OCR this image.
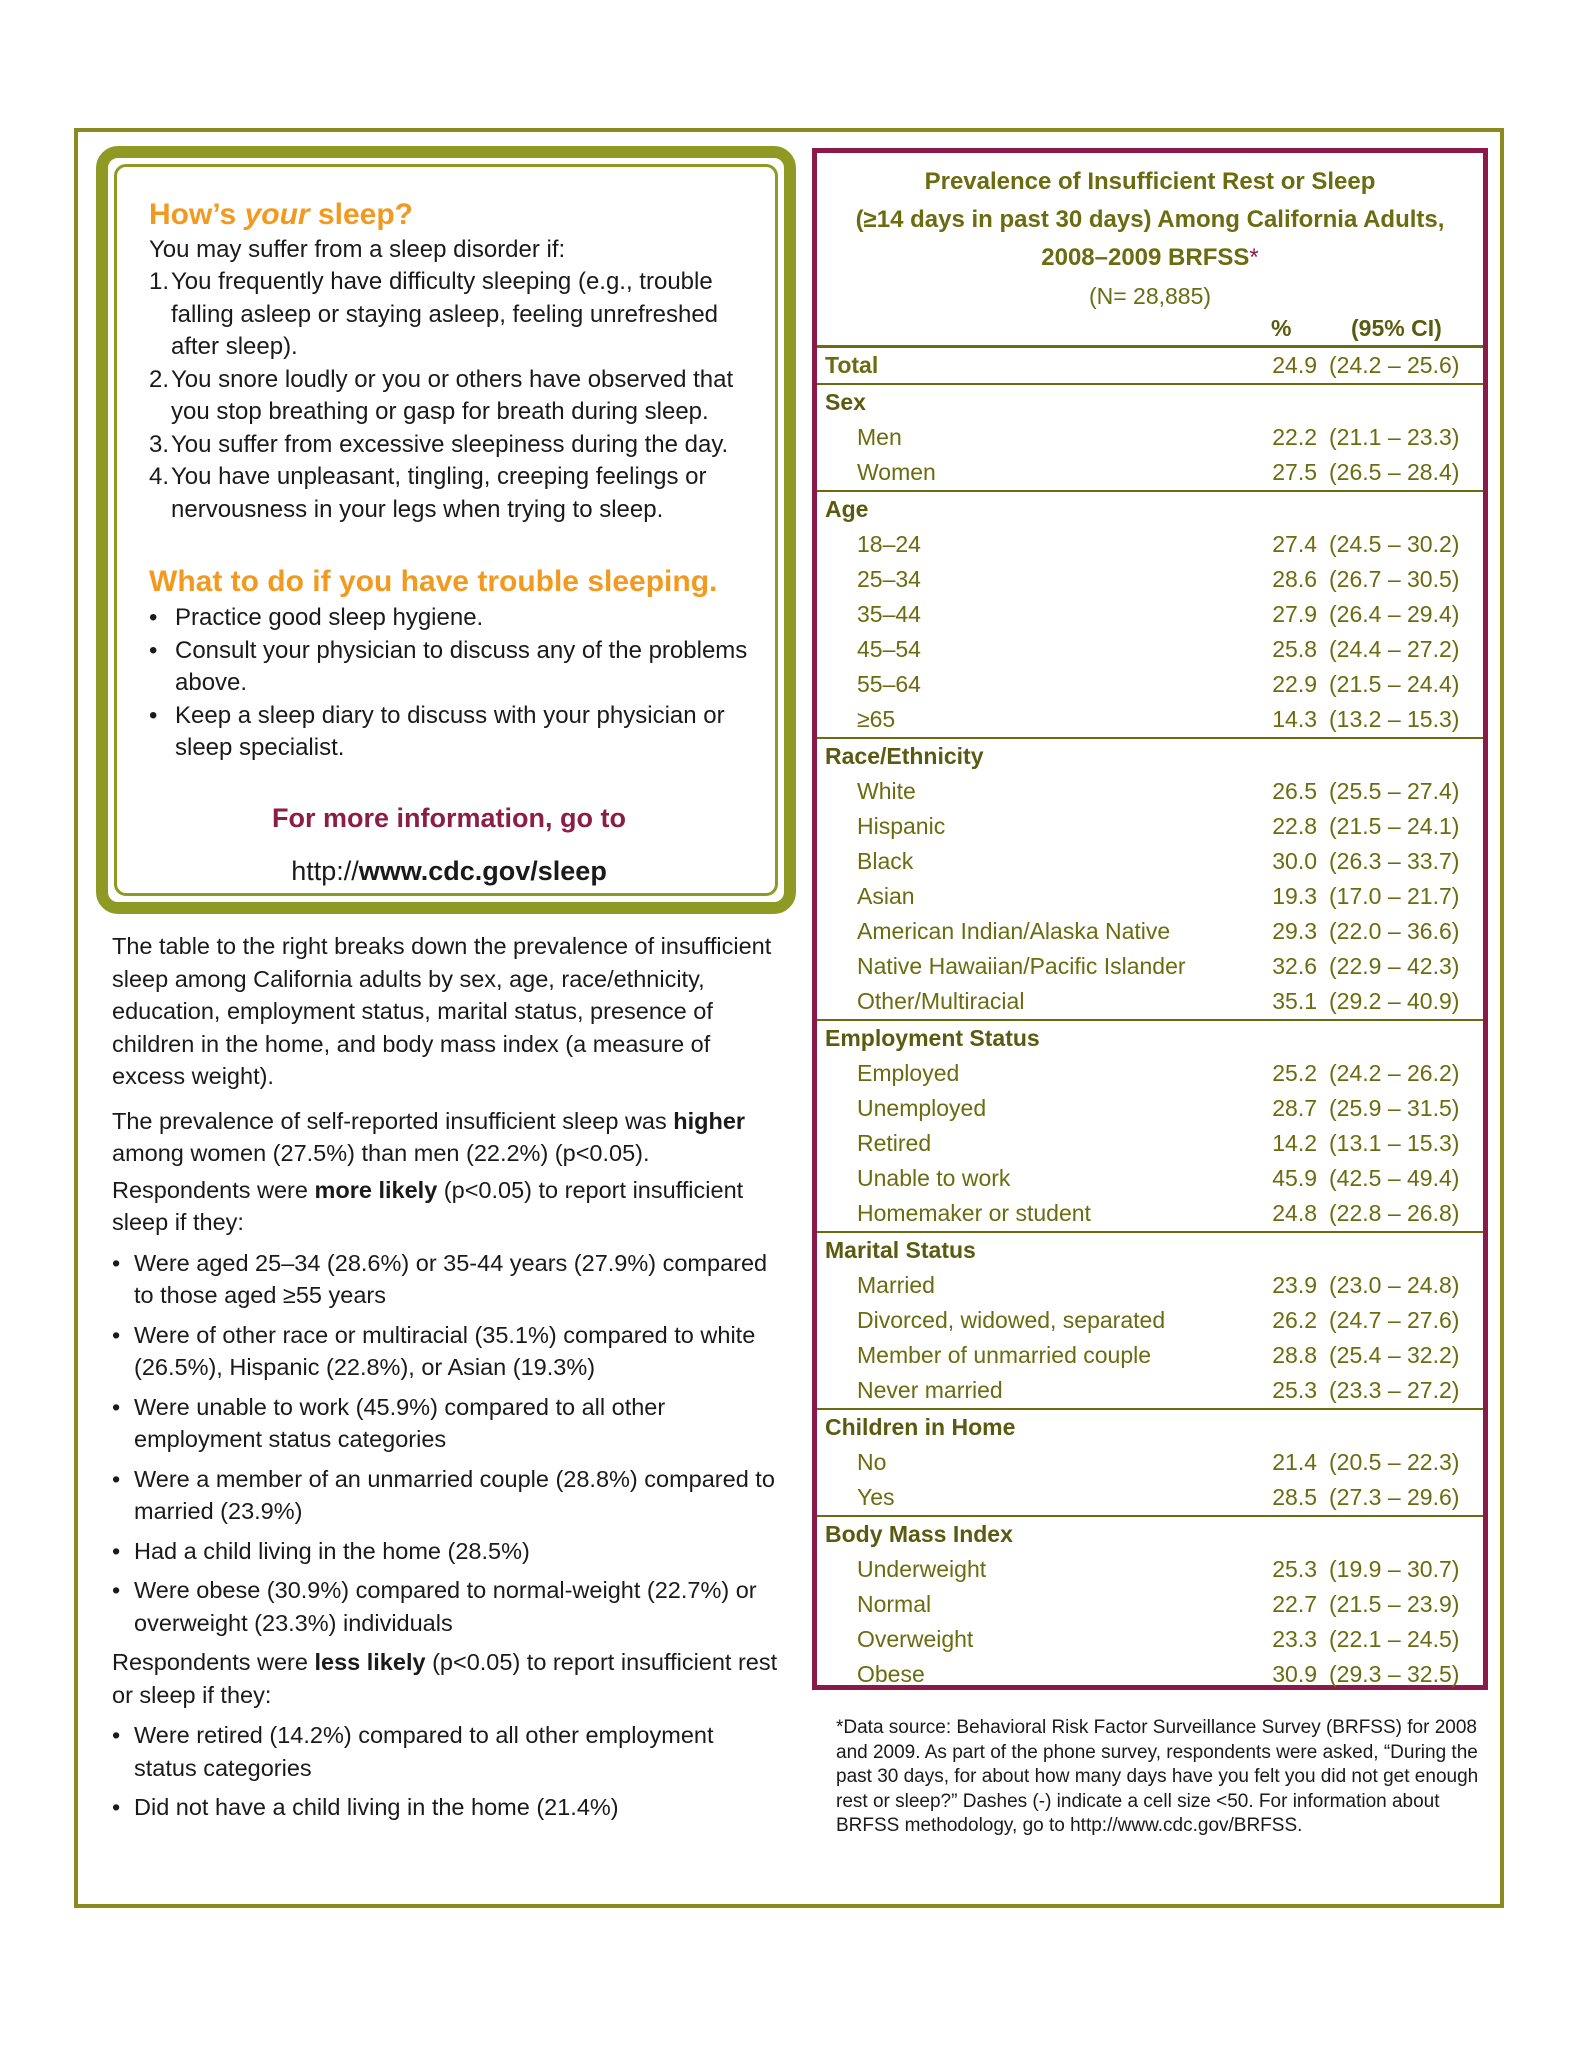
How’s your sleep?
You may suffer from a sleep disorder if:
1. You frequently have difficulty sleeping (e.g., trouble falling asleep or staying asleep, feeling unrefreshed after sleep).
2. You snore loudly or you or others have observed that you stop breathing or gasp for breath during sleep.
3. You suffer from excessive sleepiness during the day.
4. You have unpleasant, tingling, creeping feelings or nervousness in your legs when trying to sleep.
What to do if you have trouble sleeping.
• Practice good sleep hygiene.
• Consult your physician to discuss any of the problems above.
• Keep a sleep diary to discuss with your physician or sleep specialist.
For more information, go to
http://www.cdc.gov/sleep

The table to the right breaks down the prevalence of insufficient sleep among California adults by sex, age, race/ethnicity, education, employment status, marital status, presence of children in the home, and body mass index (a measure of excess weight).

The prevalence of self-reported insufficient sleep was higher among women (27.5%) than men (22.2%) (p<0.05).

Respondents were more likely (p<0.05) to report insufficient sleep if they:

• Were aged 25–34 (28.6%) or 35-44 years (27.9%) compared to those aged ≥55 years
• Were of other race or multiracial (35.1%) compared to white (26.5%), Hispanic (22.8%), or Asian (19.3%)
• Were unable to work (45.9%) compared to all other employment status categories
• Were a member of an unmarried couple (28.8%) compared to married (23.9%)
• Had a child living in the home (28.5%)
• Were obese (30.9%) compared to normal-weight (22.7%) or overweight (23.3%) individuals

Respondents were less likely (p<0.05) to report insufficient rest or sleep if they:

• Were retired (14.2%) compared to all other employment status categories
• Did not have a child living in the home (21.4%)
Prevalence of Insufficient Rest or Sleep
(≥14 days in past 30 days) Among California Adults,
2008–2009 BRFSS*
(N= 28,885)
%	(95% CI)
Total	24.9 (24.2 – 25.6)
Sex
Men	22.2 (21.1 – 23.3)
Women	27.5 (26.5 – 28.4)
Age
18–24	27.4 (24.5 – 30.2)
25–34	28.6 (26.7 – 30.5)
35–44	27.9 (26.4 – 29.4)
45–54	25.8 (24.4 – 27.2)
55–64	22.9 (21.5 – 24.4)
≥65	14.3 (13.2 – 15.3)
Race/Ethnicity
White	26.5 (25.5 – 27.4)
Hispanic	22.8 (21.5 – 24.1)
Black	30.0 (26.3 – 33.7)
Asian	19.3 (17.0 – 21.7)
American Indian/Alaska Native	29.3 (22.0 – 36.6)
Native Hawaiian/Pacific Islander	32.6 (22.9 – 42.3)
Other/Multiracial	35.1 (29.2 – 40.9)
Employment Status
Employed	25.2 (24.2 – 26.2)
Unemployed	28.7 (25.9 – 31.5)
Retired	14.2 (13.1 – 15.3)
Unable to work	45.9 (42.5 – 49.4)
Homemaker or student	24.8 (22.8 – 26.8)
Marital Status
Married	23.9 (23.0 – 24.8)
Divorced, widowed, separated	26.2 (24.7 – 27.6)
Member of unmarried couple	28.8 (25.4 – 32.2)
Never married	25.3 (23.3 – 27.2)
Children in Home
No	21.4 (20.5 – 22.3)
Yes	28.5 (27.3 – 29.6)
Body Mass Index
Underweight	25.3 (19.9 – 30.7)
Normal	22.7 (21.5 – 23.9)
Overweight	23.3 (22.1 – 24.5)
Obese	30.9 (29.3 – 32.5)
*Data source: Behavioral Risk Factor Surveillance Survey (BRFSS) for 2008 and 2009. As part of the phone survey, respondents were asked, “During the past 30 days, for about how many days have you felt you did not get enough rest or sleep?” Dashes (-) indicate a cell size <50. For information about BRFSS methodology, go to http://www.cdc.gov/BRFSS.
